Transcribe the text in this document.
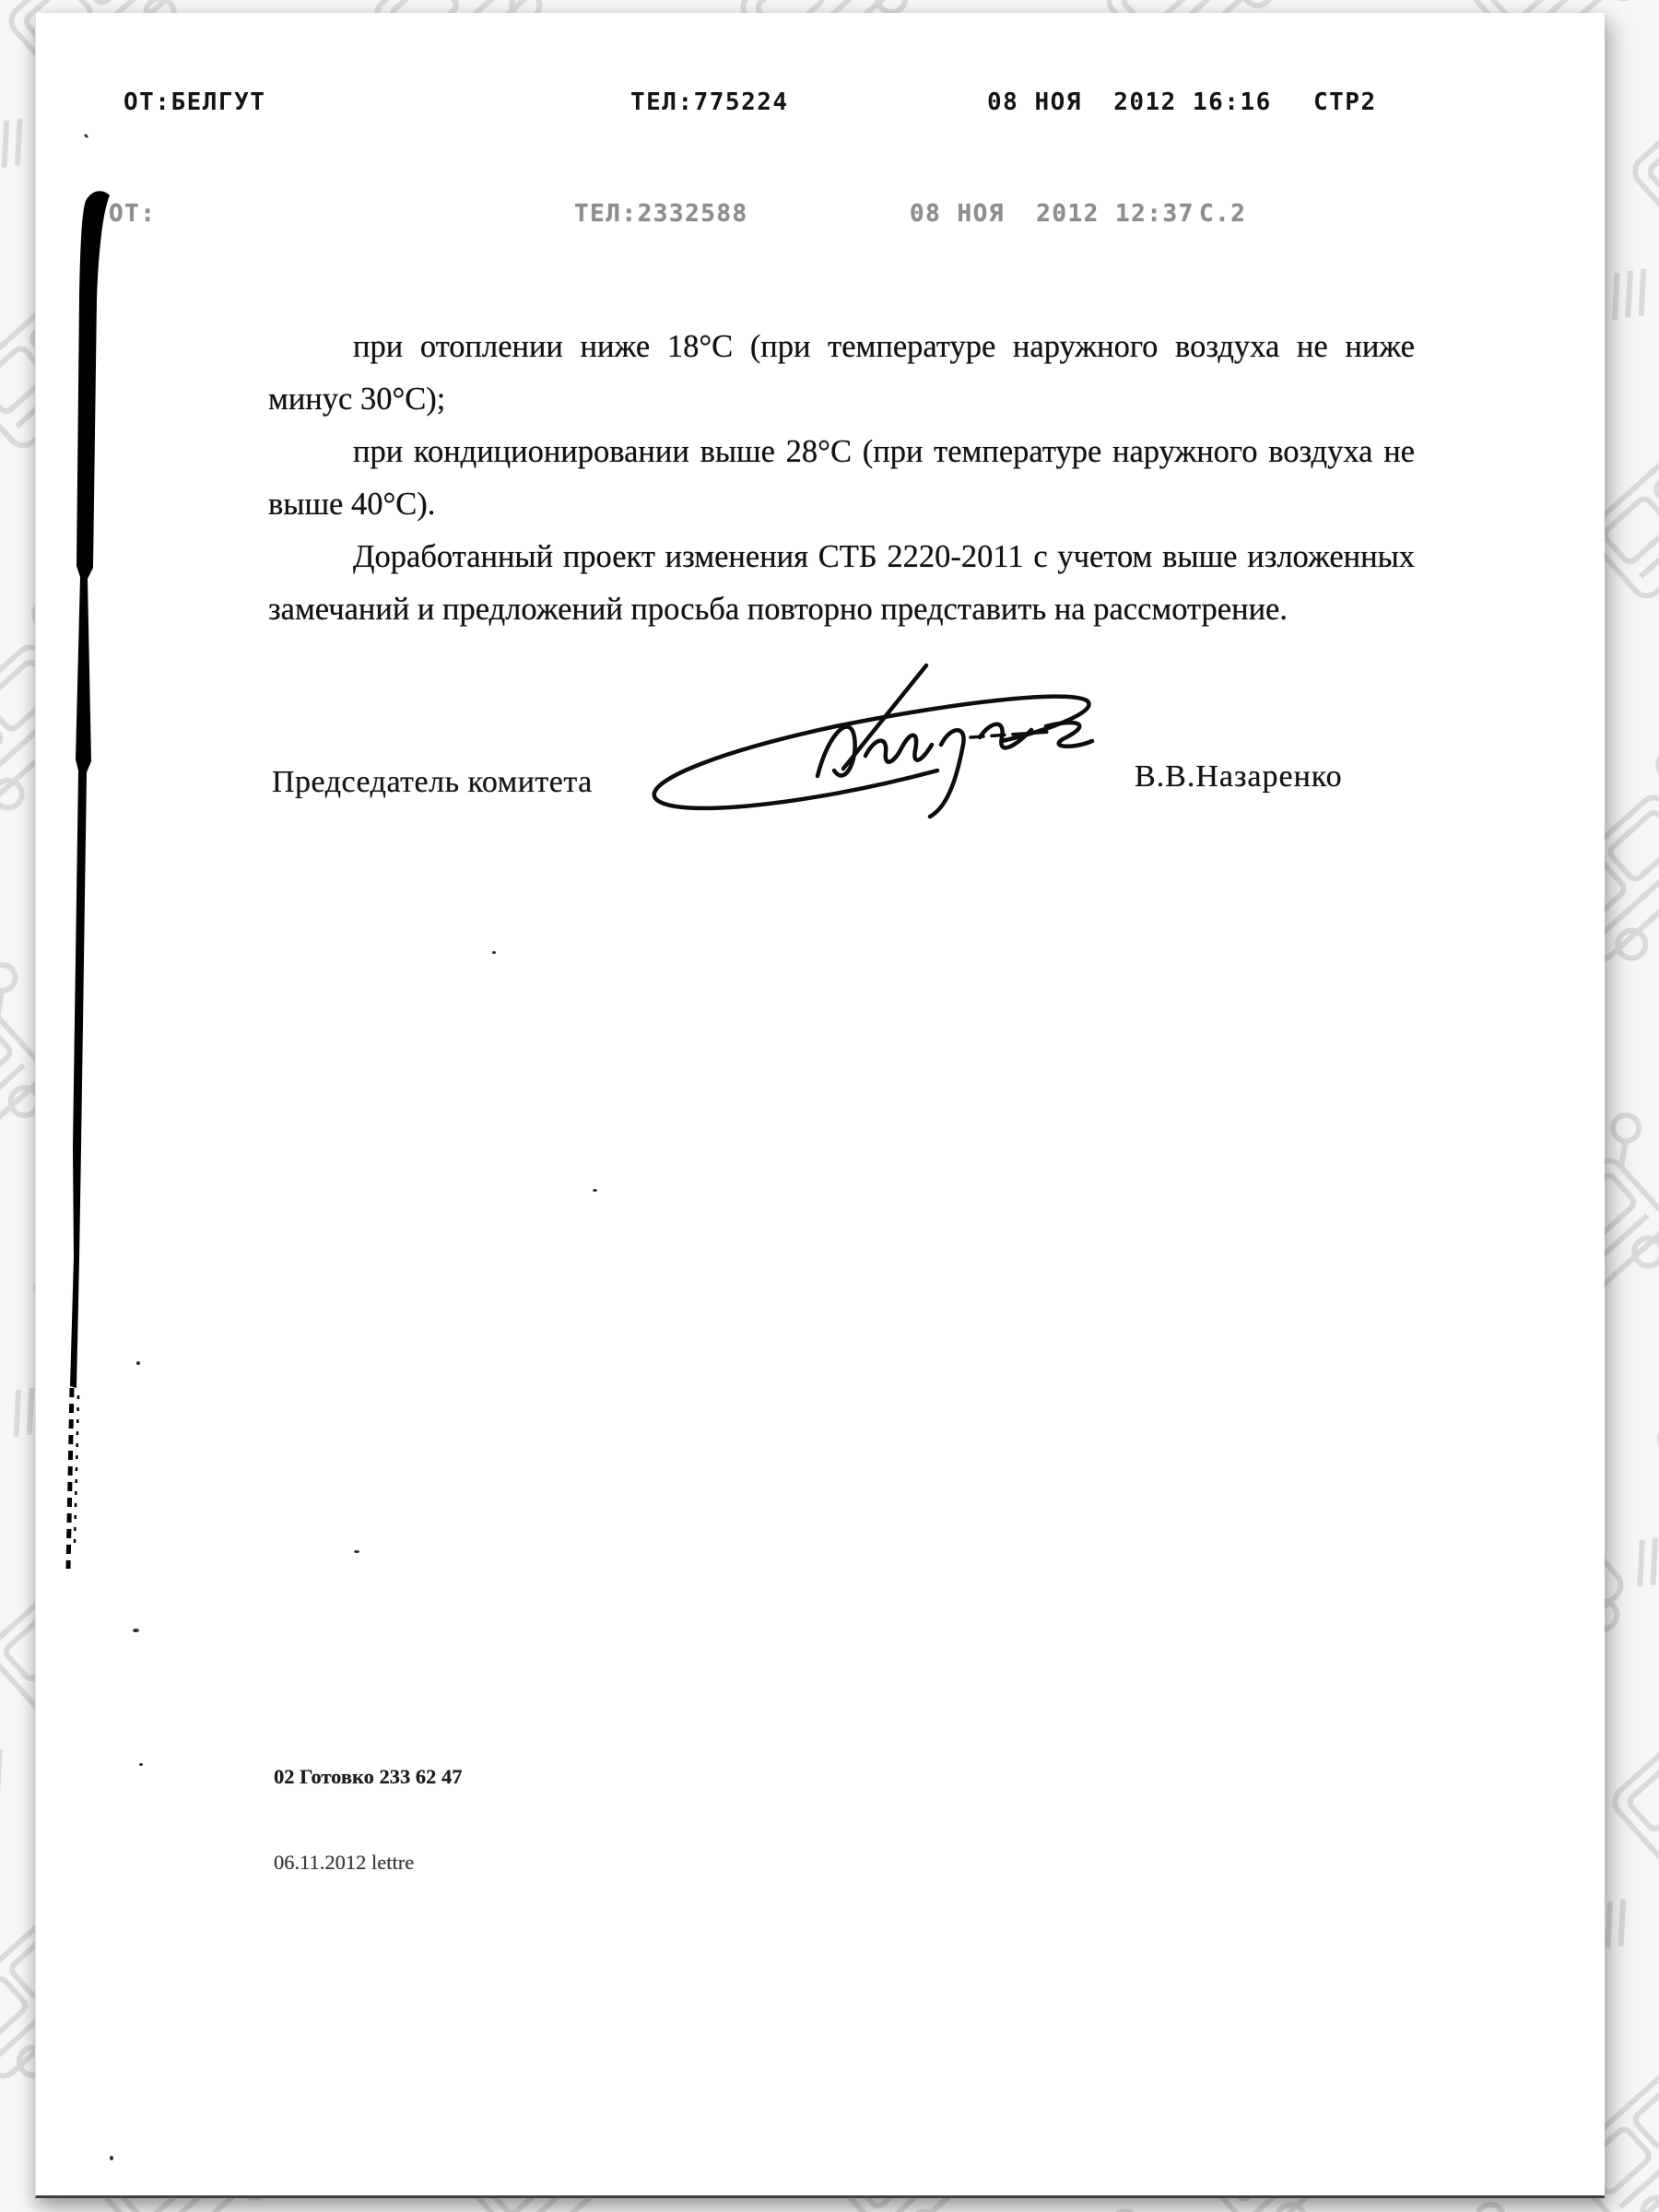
ОТ:БЕЛГУТ	ТЕЛ:775224	08 НОЯ  2012 16:16 СТР2
ОТ:	ТЕЛ:2332588	08 НОЯ  2012 12:37 С.2

при отоплении ниже 18°С (при температуре наружного воздуха не ниже минус 30°С);

при кондиционировании выше 28°С (при температуре наружного воздуха не выше 40°С).

Доработанный проект изменения СТБ 2220-2011 с учетом выше изложенных замечаний и предложений просьба повторно представить на рассмотрение.

Председатель комитета	В.В.Назаренко

02 Готовко 233 62 47

06.11.2012 lettre
